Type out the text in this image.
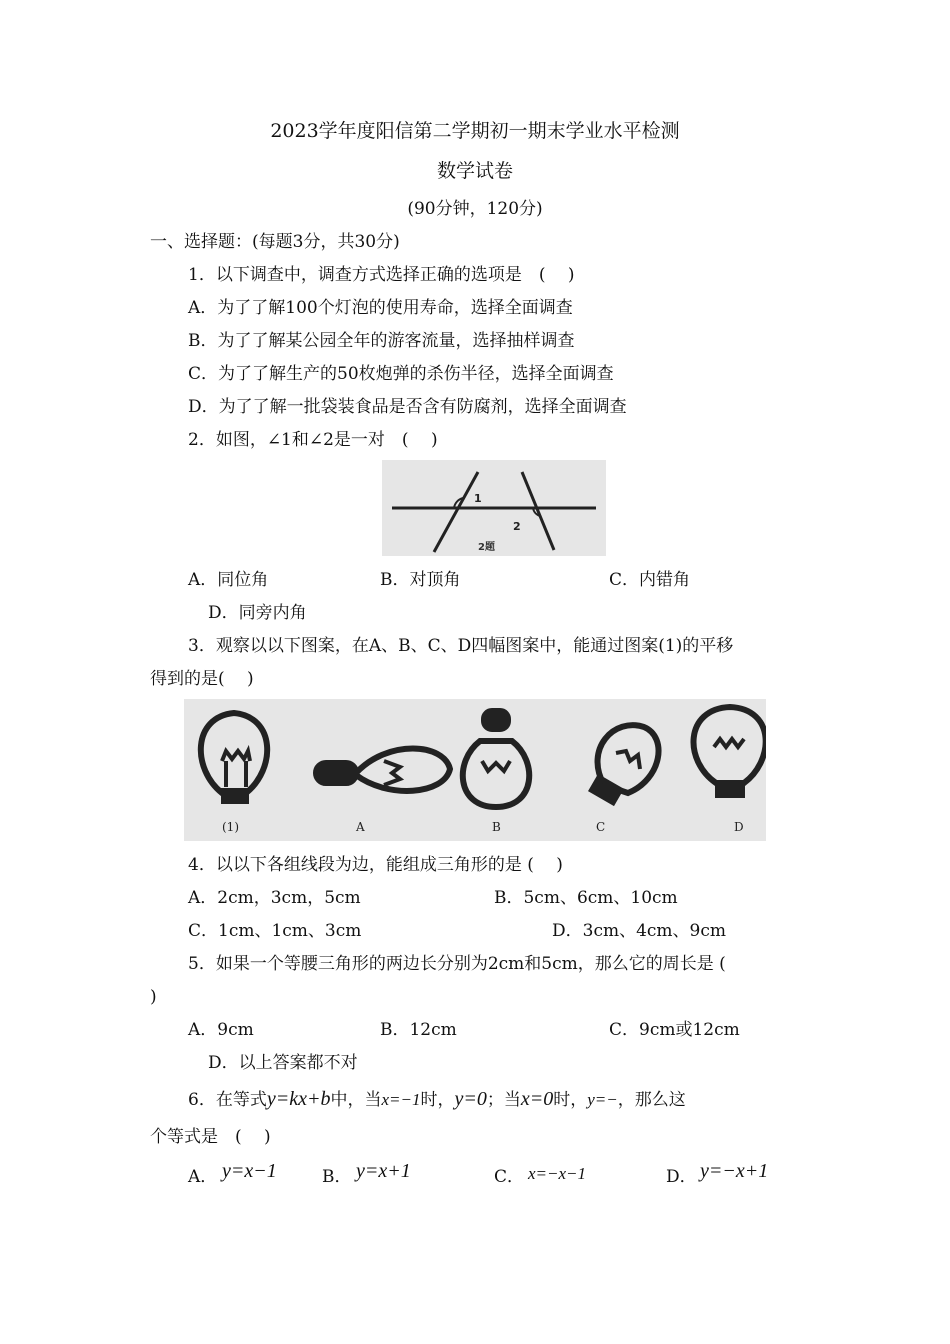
2023学年度阳信第二学期初一期末学业水平检测
数学试卷
(90分钟，120分)
一、选择题：(每题3分，共30分)
1．以下调查中，调查方式选择正确的选项是　(　 )
A．为了了解100个灯泡的使用寿命，选择全面调查
B．为了了解某公园全年的游客流量，选择抽样调查
C．为了了解生产的50枚炮弹的杀伤半径，选择全面调查
D．为了了解一批袋装食品是否含有防腐剂，选择全面调查
2．如图，∠1和∠2是一对　(　 )
1
2
2题
A．同位角	B．对顶角	C．内错角
D．同旁内角
3．观察以以下图案，在A、B、C、D四幅图案中，能通过图案(1)的平移
得到的是(　 )
(1)	A	B	C	D
4．以以下各组线段为边，能组成三角形的是 (　 )
A．2cm，3cm，5cm	B．5cm、6cm、10cm
C．1cm、1cm、3cm	D．3cm、4cm、9cm
5．如果一个等腰三角形的两边长分别为2cm和5cm，那么它的周长是 (
)
A．9cm	B．12cm	C．9cm或12cm
D．以上答案都不对
6．在等式y=kx+b中，当x=−1时，y=0；当x=0时，y=−，那么这
个等式是　(　 )
A． y=x−1	B． y=x+1	C． x=−x−1	D． y=−x+1
